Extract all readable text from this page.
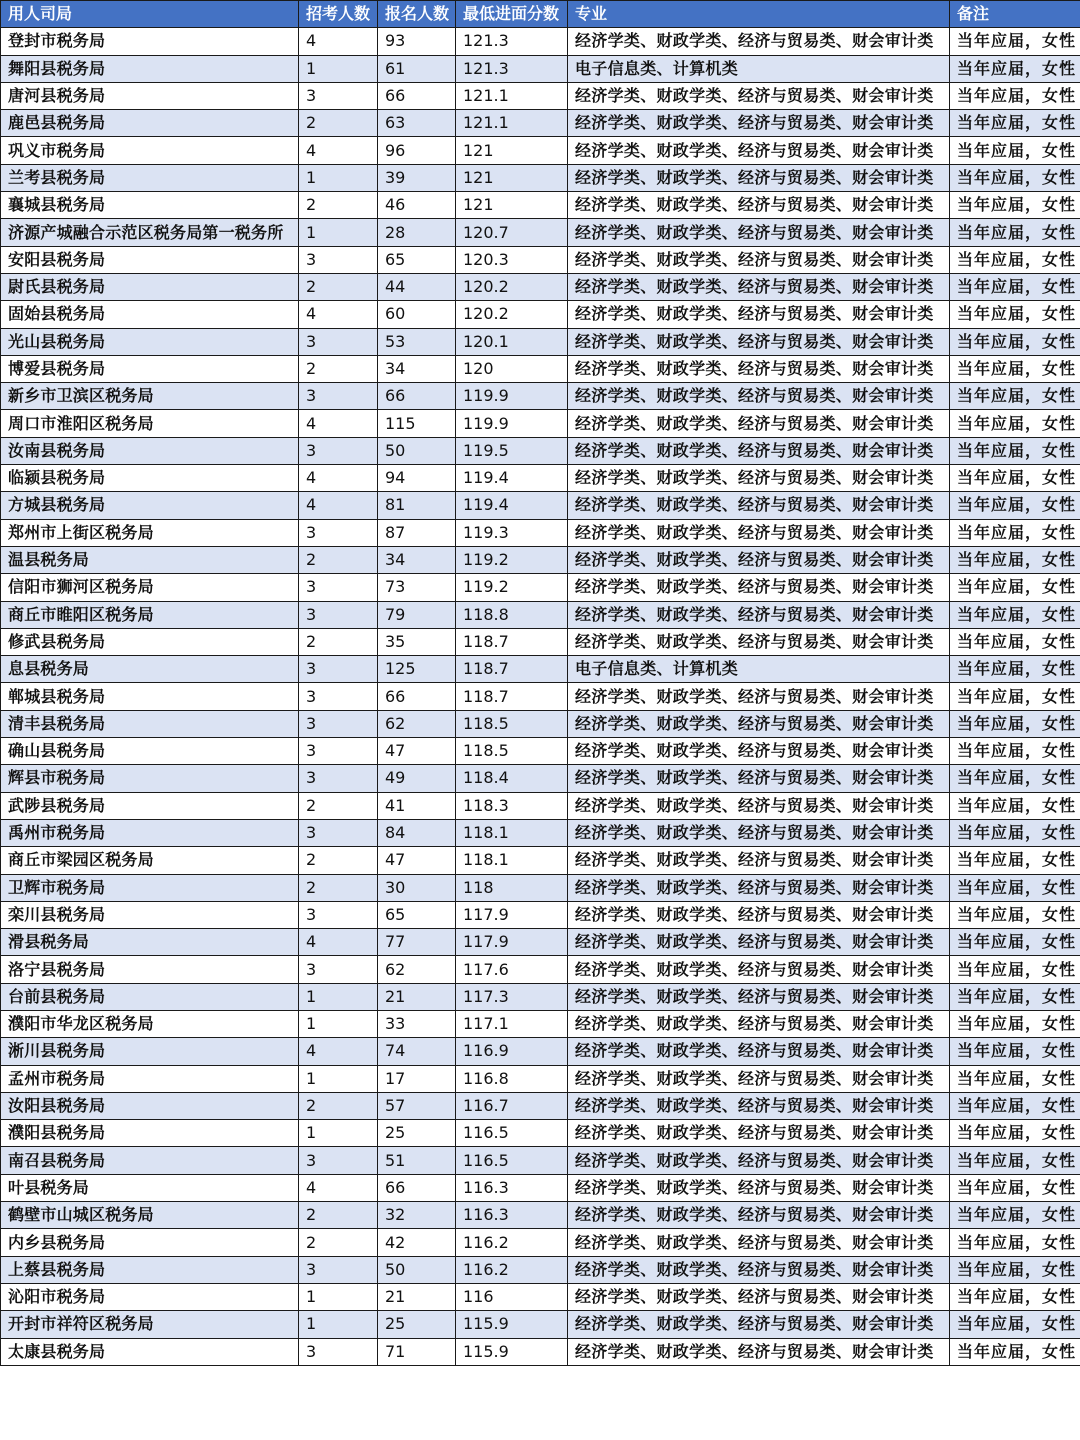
用人司局	招考人数	报名人数	最低进面分数	专业	备注
登封市税务局	4	93	121.3	经济学类、财政学类、经济与贸易类、财会审计类	当年应届，女性
舞阳县税务局	1	61	121.3	电子信息类、计算机类	当年应届，女性
唐河县税务局	3	66	121.1	经济学类、财政学类、经济与贸易类、财会审计类	当年应届，女性
鹿邑县税务局	2	63	121.1	经济学类、财政学类、经济与贸易类、财会审计类	当年应届，女性
巩义市税务局	4	96	121	经济学类、财政学类、经济与贸易类、财会审计类	当年应届，女性
兰考县税务局	1	39	121	经济学类、财政学类、经济与贸易类、财会审计类	当年应届，女性
襄城县税务局	2	46	121	经济学类、财政学类、经济与贸易类、财会审计类	当年应届，女性
济源产城融合示范区税务局第一税务所	1	28	120.7	经济学类、财政学类、经济与贸易类、财会审计类	当年应届，女性
安阳县税务局	3	65	120.3	经济学类、财政学类、经济与贸易类、财会审计类	当年应届，女性
尉氏县税务局	2	44	120.2	经济学类、财政学类、经济与贸易类、财会审计类	当年应届，女性
固始县税务局	4	60	120.2	经济学类、财政学类、经济与贸易类、财会审计类	当年应届，女性
光山县税务局	3	53	120.1	经济学类、财政学类、经济与贸易类、财会审计类	当年应届，女性
博爱县税务局	2	34	120	经济学类、财政学类、经济与贸易类、财会审计类	当年应届，女性
新乡市卫滨区税务局	3	66	119.9	经济学类、财政学类、经济与贸易类、财会审计类	当年应届，女性
周口市淮阳区税务局	4	115	119.9	经济学类、财政学类、经济与贸易类、财会审计类	当年应届，女性
汝南县税务局	3	50	119.5	经济学类、财政学类、经济与贸易类、财会审计类	当年应届，女性
临颍县税务局	4	94	119.4	经济学类、财政学类、经济与贸易类、财会审计类	当年应届，女性
方城县税务局	4	81	119.4	经济学类、财政学类、经济与贸易类、财会审计类	当年应届，女性
郑州市上街区税务局	3	87	119.3	经济学类、财政学类、经济与贸易类、财会审计类	当年应届，女性
温县税务局	2	34	119.2	经济学类、财政学类、经济与贸易类、财会审计类	当年应届，女性
信阳市狮河区税务局	3	73	119.2	经济学类、财政学类、经济与贸易类、财会审计类	当年应届，女性
商丘市睢阳区税务局	3	79	118.8	经济学类、财政学类、经济与贸易类、财会审计类	当年应届，女性
修武县税务局	2	35	118.7	经济学类、财政学类、经济与贸易类、财会审计类	当年应届，女性
息县税务局	3	125	118.7	电子信息类、计算机类	当年应届，女性
郸城县税务局	3	66	118.7	经济学类、财政学类、经济与贸易类、财会审计类	当年应届，女性
清丰县税务局	3	62	118.5	经济学类、财政学类、经济与贸易类、财会审计类	当年应届，女性
确山县税务局	3	47	118.5	经济学类、财政学类、经济与贸易类、财会审计类	当年应届，女性
辉县市税务局	3	49	118.4	经济学类、财政学类、经济与贸易类、财会审计类	当年应届，女性
武陟县税务局	2	41	118.3	经济学类、财政学类、经济与贸易类、财会审计类	当年应届，女性
禹州市税务局	3	84	118.1	经济学类、财政学类、经济与贸易类、财会审计类	当年应届，女性
商丘市梁园区税务局	2	47	118.1	经济学类、财政学类、经济与贸易类、财会审计类	当年应届，女性
卫辉市税务局	2	30	118	经济学类、财政学类、经济与贸易类、财会审计类	当年应届，女性
栾川县税务局	3	65	117.9	经济学类、财政学类、经济与贸易类、财会审计类	当年应届，女性
滑县税务局	4	77	117.9	经济学类、财政学类、经济与贸易类、财会审计类	当年应届，女性
洛宁县税务局	3	62	117.6	经济学类、财政学类、经济与贸易类、财会审计类	当年应届，女性
台前县税务局	1	21	117.3	经济学类、财政学类、经济与贸易类、财会审计类	当年应届，女性
濮阳市华龙区税务局	1	33	117.1	经济学类、财政学类、经济与贸易类、财会审计类	当年应届，女性
淅川县税务局	4	74	116.9	经济学类、财政学类、经济与贸易类、财会审计类	当年应届，女性
孟州市税务局	1	17	116.8	经济学类、财政学类、经济与贸易类、财会审计类	当年应届，女性
汝阳县税务局	2	57	116.7	经济学类、财政学类、经济与贸易类、财会审计类	当年应届，女性
濮阳县税务局	1	25	116.5	经济学类、财政学类、经济与贸易类、财会审计类	当年应届，女性
南召县税务局	3	51	116.5	经济学类、财政学类、经济与贸易类、财会审计类	当年应届，女性
叶县税务局	4	66	116.3	经济学类、财政学类、经济与贸易类、财会审计类	当年应届，女性
鹤壁市山城区税务局	2	32	116.3	经济学类、财政学类、经济与贸易类、财会审计类	当年应届，女性
内乡县税务局	2	42	116.2	经济学类、财政学类、经济与贸易类、财会审计类	当年应届，女性
上蔡县税务局	3	50	116.2	经济学类、财政学类、经济与贸易类、财会审计类	当年应届，女性
沁阳市税务局	1	21	116	经济学类、财政学类、经济与贸易类、财会审计类	当年应届，女性
开封市祥符区税务局	1	25	115.9	经济学类、财政学类、经济与贸易类、财会审计类	当年应届，女性
太康县税务局	3	71	115.9	经济学类、财政学类、经济与贸易类、财会审计类	当年应届，女性
